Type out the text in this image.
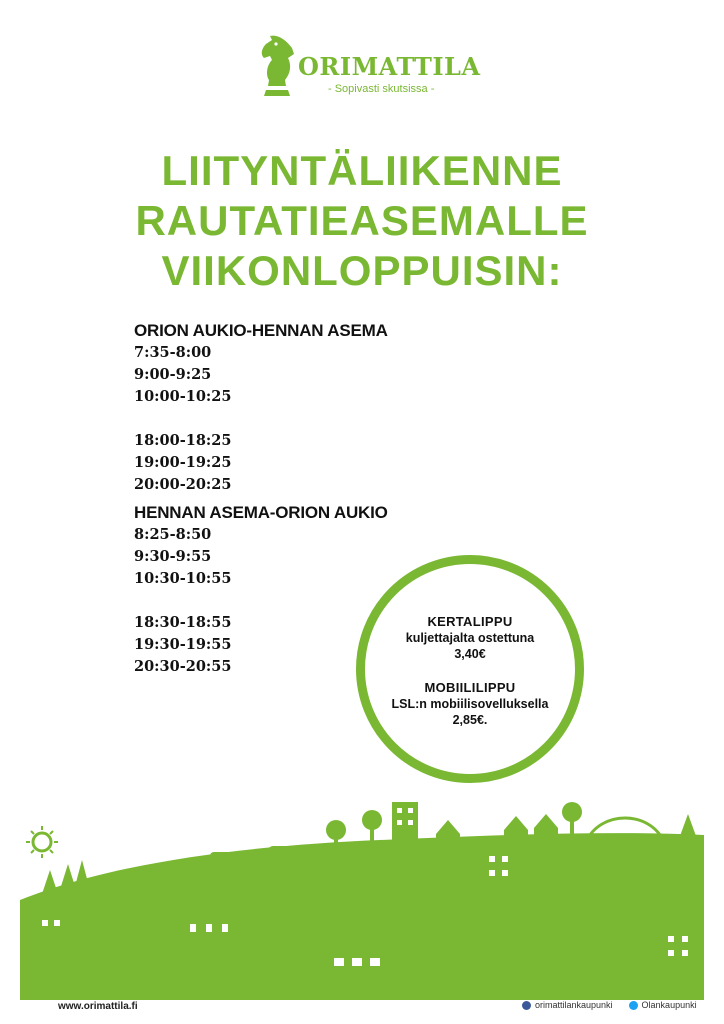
ORIMATTILA
- Sopivasti skutsissa -
LIITYNTÄLIIKENNE
RAUTATIEASEMALLE
VIIKONLOPPUISIN:
ORION AUKIO-HENNAN ASEMA
7:35-8:00
9:00-9:25
10:00-10:25
18:00-18:25
19:00-19:25
20:00-20:25
HENNAN ASEMA-ORION AUKIO
8:25-8:50
9:30-9:55
10:30-10:55
18:30-18:55
19:30-19:55
20:30-20:55
KERTALIPPU
kuljettajalta ostettuna
3,40€
MOBIILILIPPU
LSL:n mobiilisovelluksella
2,85€.
www.orimattila.fi	orimattilankaupunki	Olankaupunki
